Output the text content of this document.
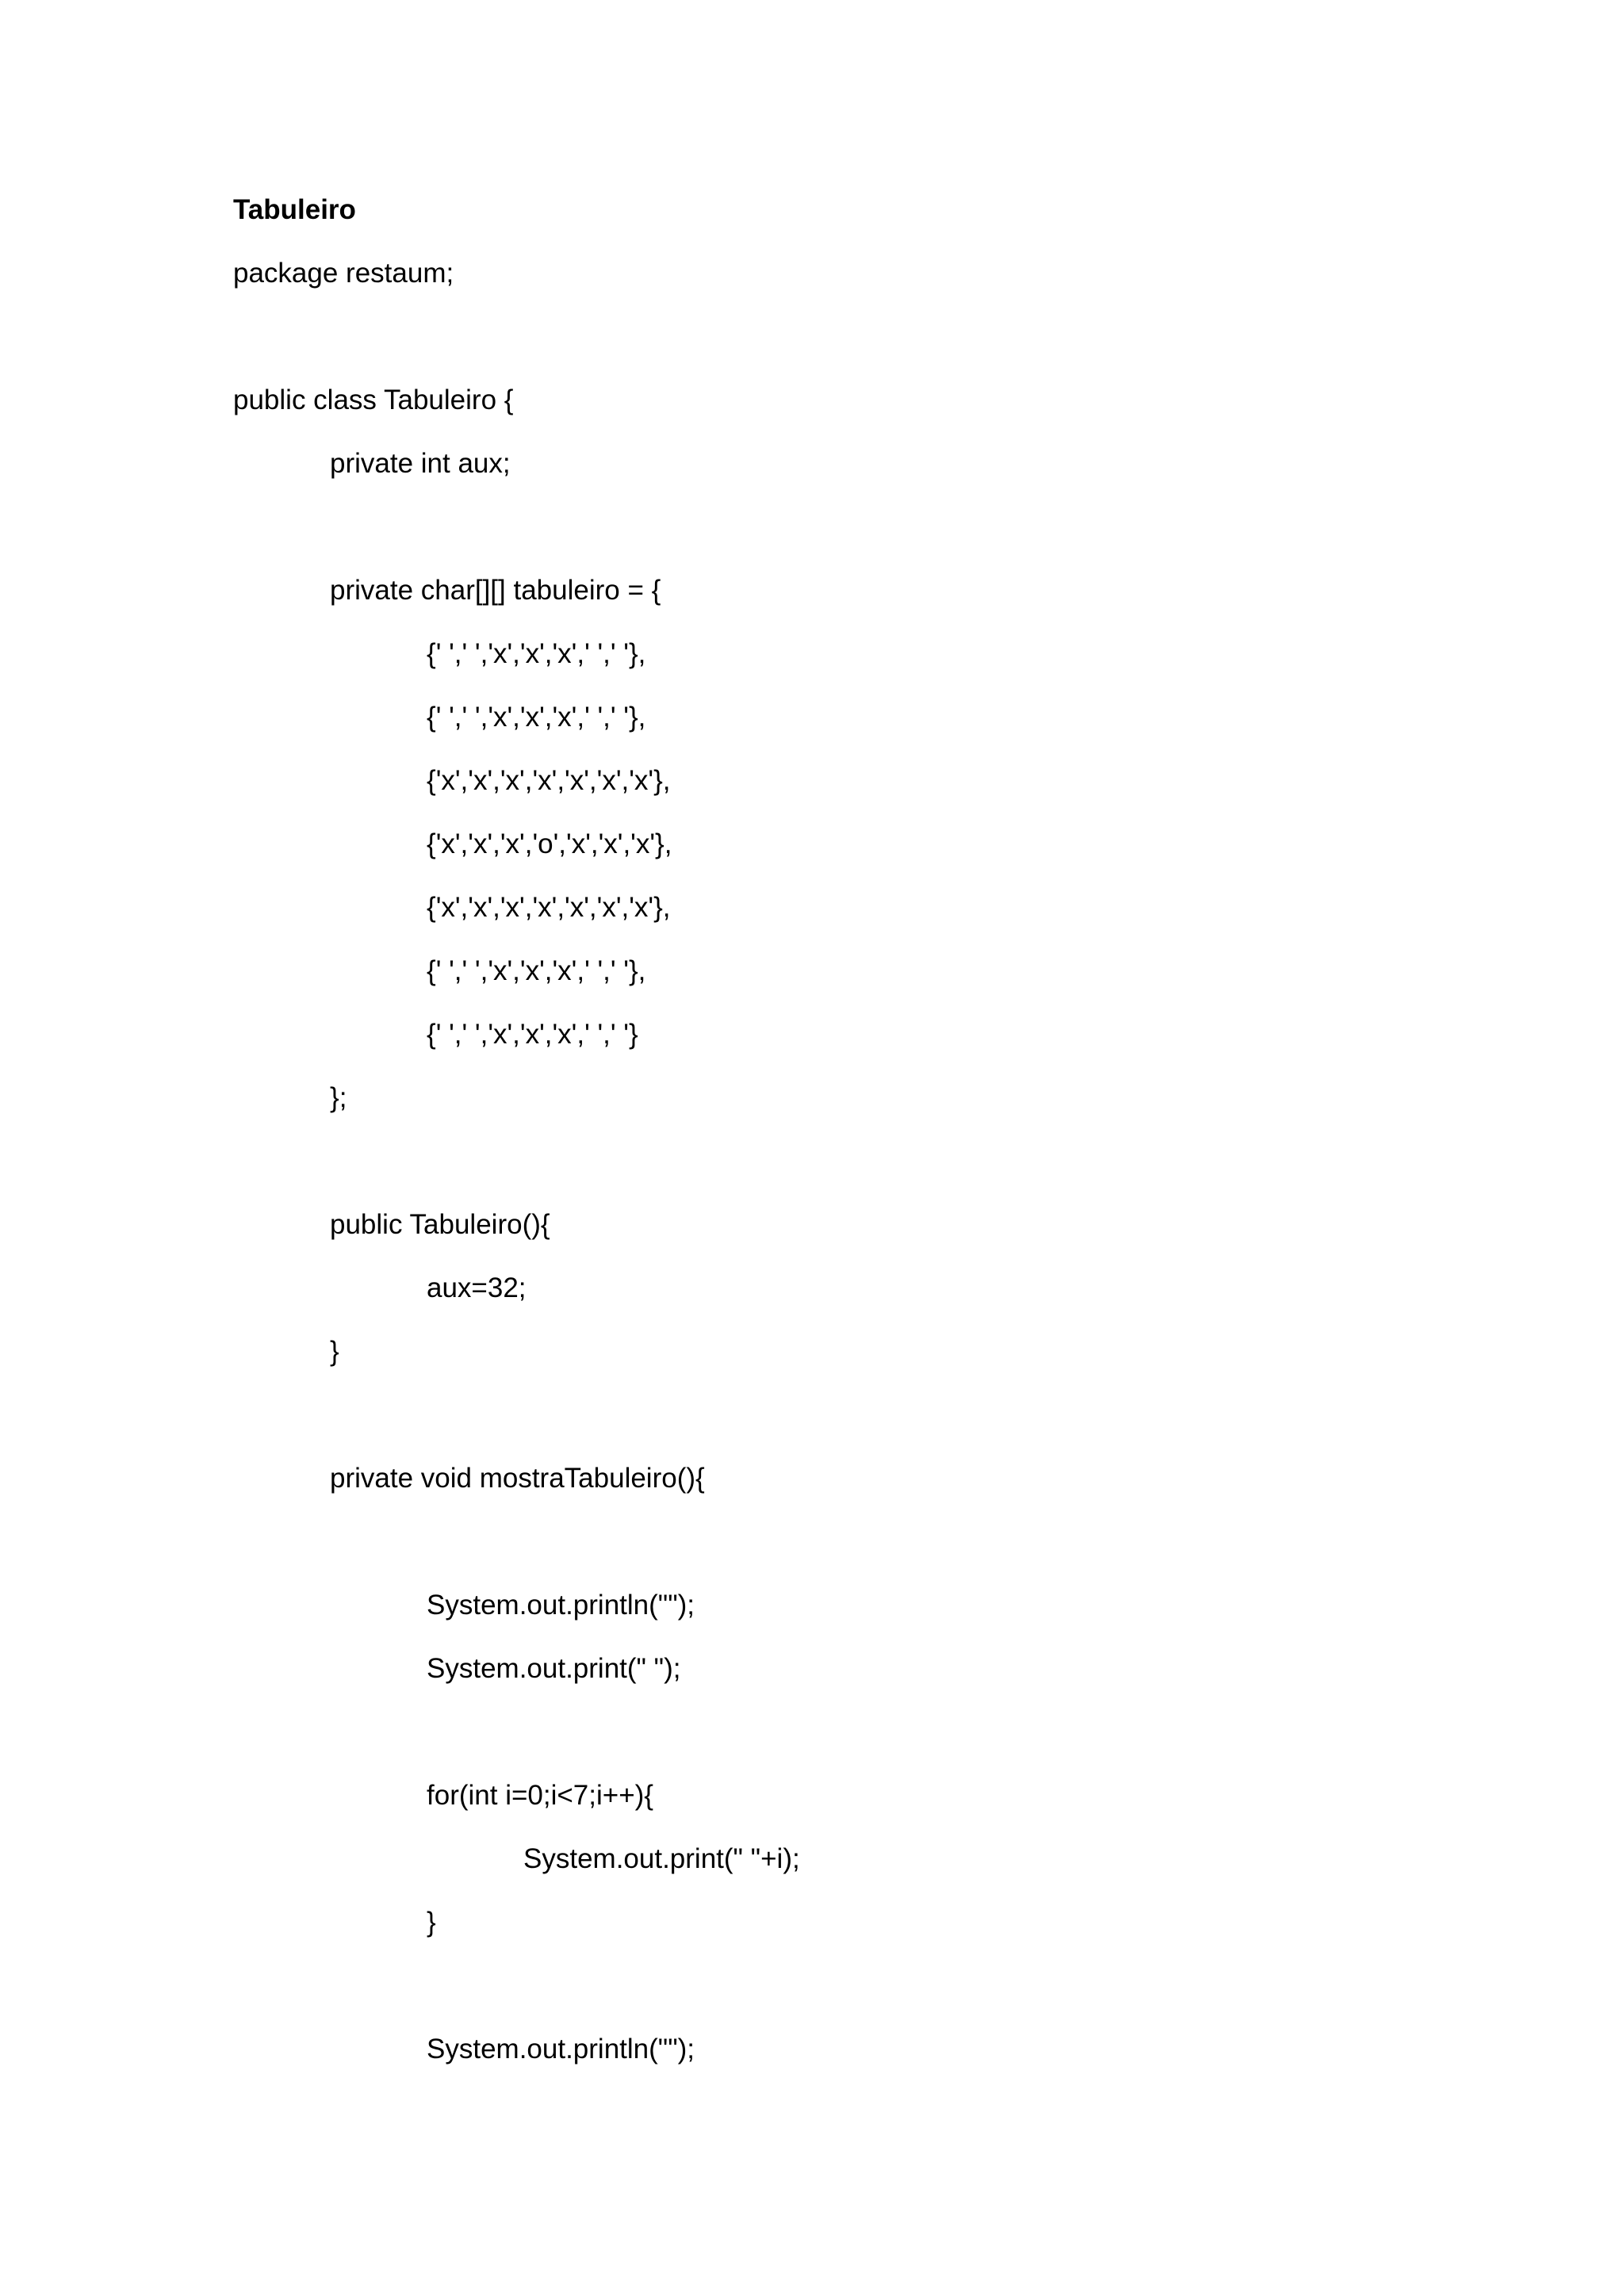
Tabuleiro
package restaum;
public class Tabuleiro {
private int aux;
private char[][] tabuleiro = {
{' ',' ','x','x','x',' ',' '},
{' ',' ','x','x','x',' ',' '},
{'x','x','x','x','x','x','x'},
{'x','x','x','o','x','x','x'},
{'x','x','x','x','x','x','x'},
{' ',' ','x','x','x',' ',' '},
{' ',' ','x','x','x',' ',' '}
};
public Tabuleiro(){
aux=32;
}
private void mostraTabuleiro(){
System.out.println("");
System.out.print(" ");
for(int i=0;i<7;i++){
System.out.print(" "+i);
}
System.out.println("");
